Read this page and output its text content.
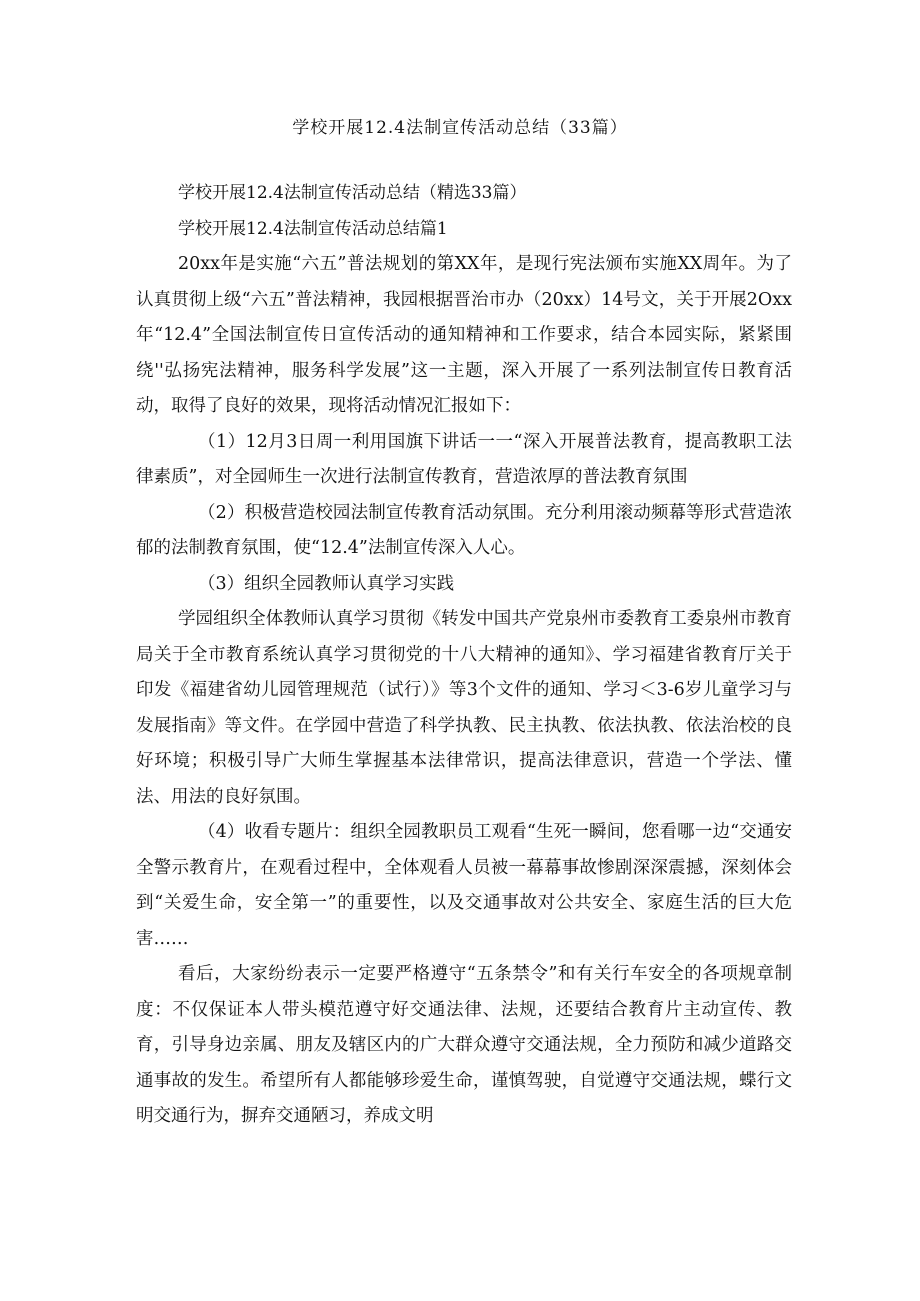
学校开展12.4法制宣传活动总结（33篇）

学校开展12.4法制宣传活动总结（精选33篇）

学校开展12.4法制宣传活动总结篇1

20xx年是实施“六五”普法规划的第XX年，是现行宪法颁布实施XX周年。为了认真贯彻上级“六五”普法精神，我园根据晋治市办（20xx）14号文，关于开展2Oxx年“12.4”全国法制宣传日宣传活动的通知精神和工作要求，结合本园实际，紧紧围绕''弘扬宪法精神，服务科学发展”这一主题，深入开展了一系列法制宣传日教育活动，取得了良好的效果，现将活动情况汇报如下：

（1）12月3日周一利用国旗下讲话一一“深入开展普法教育，提高教职工法律素质”，对全园师生一次进行法制宣传教育，营造浓厚的普法教育氛围

（2）积极营造校园法制宣传教育活动氛围。充分利用滚动频幕等形式营造浓郁的法制教育氛围，使“12.4”法制宣传深入人心。

（3）组织全园教师认真学习实践

学园组织全体教师认真学习贯彻《转发中国共产党泉州市委教育工委泉州市教育局关于全市教育系统认真学习贯彻党的十八大精神的通知》、学习福建省教育厅关于印发《福建省幼儿园管理规范（试行）》等3个文件的通知、学习＜3-6岁儿童学习与发展指南》等文件。在学园中营造了科学执教、民主执教、依法执教、依法治校的良好环境；积极引导广大师生掌握基本法律常识，提高法律意识，营造一个学法、懂法、用法的良好氛围。

（4）收看专题片：组织全园教职员工观看“生死一瞬间，您看哪一边“交通安全警示教育片，在观看过程中，全体观看人员被一幕幕事故惨剧深深震撼，深刻体会到“关爱生命，安全第一”的重要性，以及交通事故对公共安全、家庭生活的巨大危害……

看后，大家纷纷表示一定要严格遵守“五条禁令”和有关行车安全的各项规章制度：不仅保证本人带头模范遵守好交通法律、法规，还要结合教育片主动宣传、教育，引导身边亲属、朋友及辖区内的广大群众遵守交通法规，全力预防和减少道路交通事故的发生。希望所有人都能够珍爱生命，谨慎驾驶，自觉遵守交通法规，蝶行文明交通行为，摒弃交通陋习，养成文明
